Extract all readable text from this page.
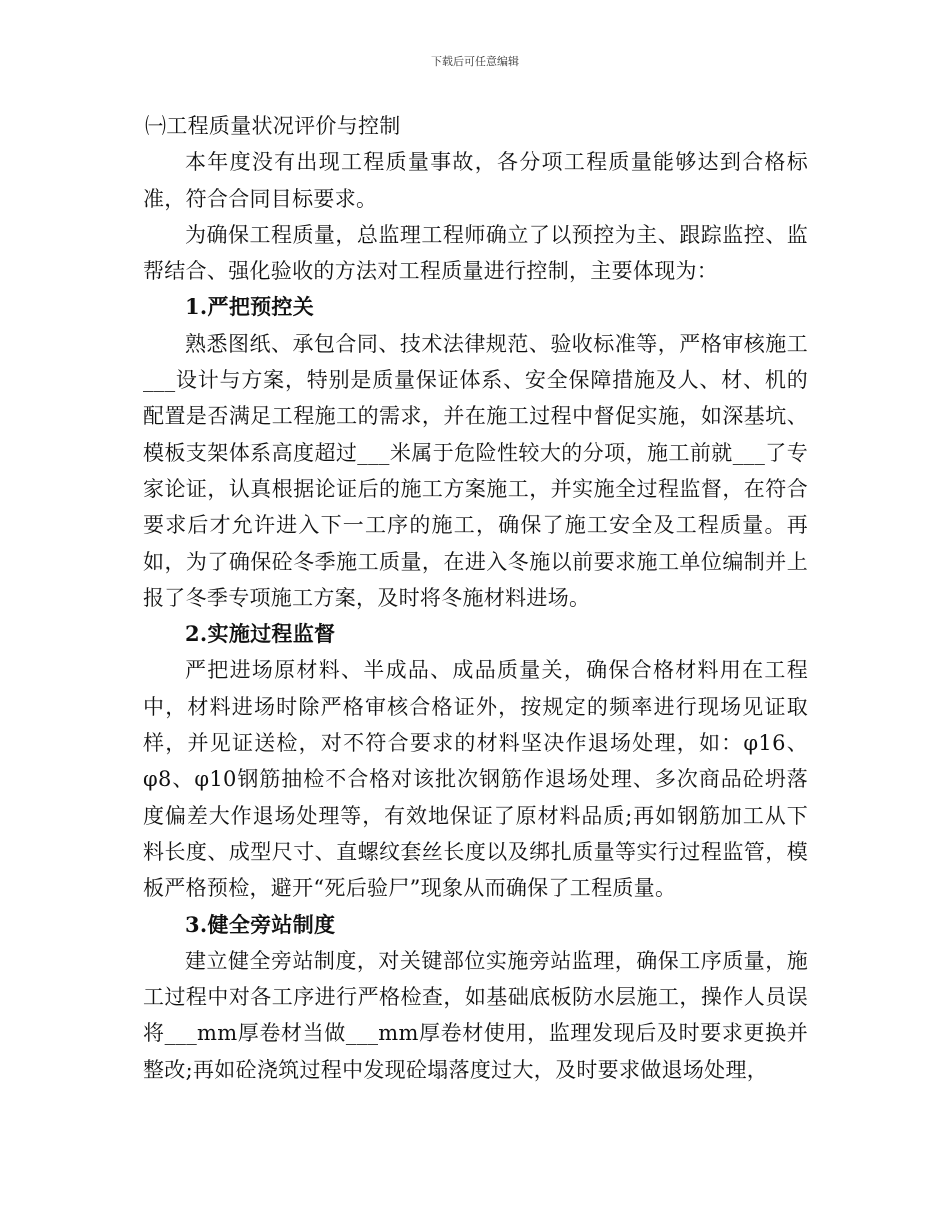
下载后可任意编辑

㈠工程质量状况评价与控制

本年度没有出现工程质量事故，各分项工程质量能够达到合格标准，符合合同目标要求。

为确保工程质量，总监理工程师确立了以预控为主、跟踪监控、监帮结合、强化验收的方法对工程质量进行控制，主要体现为：

1.严把预控关

熟悉图纸、承包合同、技术法律规范、验收标准等，严格审核施工___设计与方案，特别是质量保证体系、安全保障措施及人、材、机的配置是否满足工程施工的需求，并在施工过程中督促实施，如深基坑、模板支架体系高度超过___米属于危险性较大的分项，施工前就___了专家论证，认真根据论证后的施工方案施工，并实施全过程监督，在符合要求后才允许进入下一工序的施工，确保了施工安全及工程质量。再如，为了确保砼冬季施工质量，在进入冬施以前要求施工单位编制并上报了冬季专项施工方案，及时将冬施材料进场。

2.实施过程监督

严把进场原材料、半成品、成品质量关，确保合格材料用在工程中，材料进场时除严格审核合格证外，按规定的频率进行现场见证取样，并见证送检，对不符合要求的材料坚决作退场处理，如：φ16、φ8、φ10钢筋抽检不合格对该批次钢筋作退场处理、多次商品砼坍落度偏差大作退场处理等，有效地保证了原材料品质;再如钢筋加工从下料长度、成型尺寸、直螺纹套丝长度以及绑扎质量等实行过程监管，模板严格预检，避开“死后验尸”现象从而确保了工程质量。

3.健全旁站制度

建立健全旁站制度，对关键部位实施旁站监理，确保工序质量，施工过程中对各工序进行严格检查，如基础底板防水层施工，操作人员误将___mm厚卷材当做___mm厚卷材使用，监理发现后及时要求更换并整改;再如砼浇筑过程中发现砼塌落度过大，及时要求做退场处理，
